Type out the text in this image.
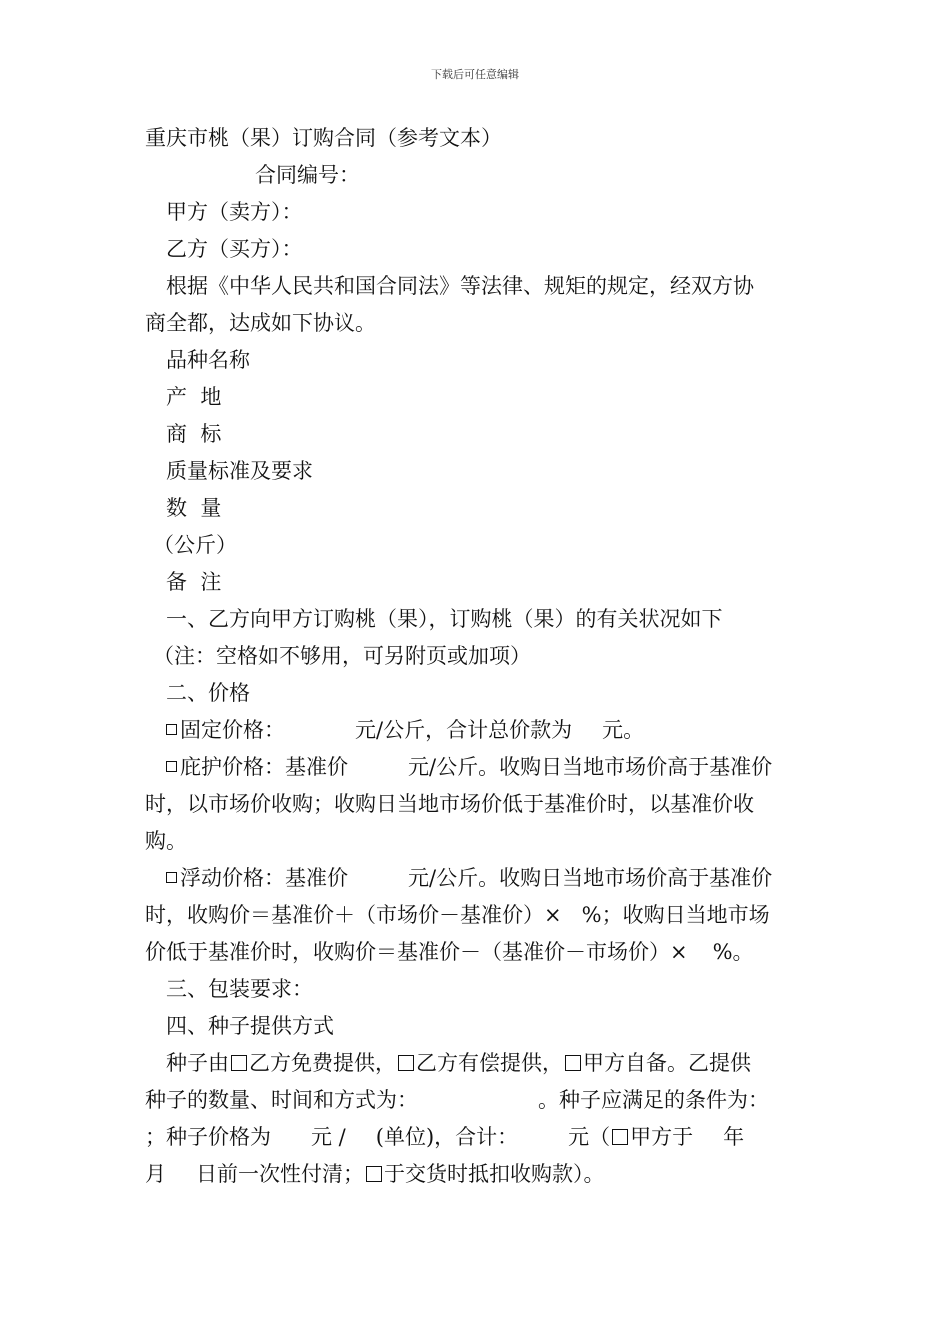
下载后可任意编辑

重庆市桃（果）订购合同（参考文本）

合同编号：

甲方（卖方）：

乙方（买方）：

根据《中华人民共和国合同法》等法律、规矩的规定，经双方协

商全都，达成如下协议。

品种名称

产  地

商  标

质量标准及要求

数  量

（公斤）

备  注

一、乙方向甲方订购桃（果），订购桃（果）的有关状况如下

（注：空格如不够用，可另附页或加项）

二、价格

固定价格：	元/公斤，合计总价款为 元。

庇护价格：基准价	元/公斤。收购日当地市场价高于基准价

时，以市场价收购；收购日当地市场价低于基准价时，以基准价收

购。

浮动价格：基准价	元/公斤。收购日当地市场价高于基准价

时，收购价＝基准价＋（市场价－基准价）× %；收购日当地市场

价低于基准价时，收购价＝基准价－（基准价－市场价）× %。

三、包装要求：

四、种子提供方式

种子由 乙方免费提供， 乙方有偿提供， 甲方自备。乙提供

种子的数量、时间和方式为：	。种子应满足的条件为：

；种子价格为 元 / (单位)，合计： 元（ 甲方于 年

月 日前一次性付清； 于交货时抵扣收购款）。
